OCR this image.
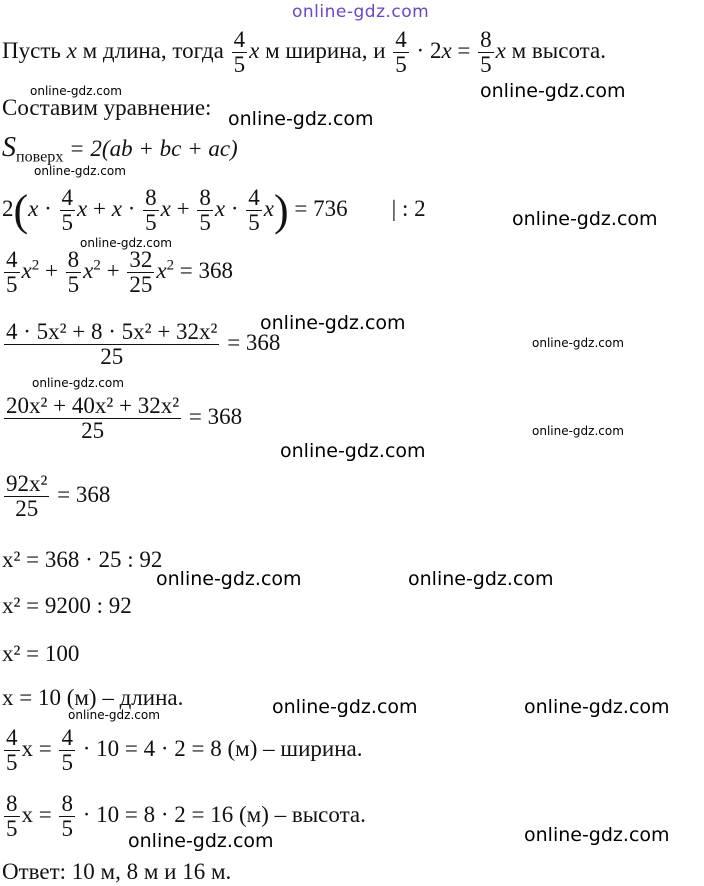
online-gdz.com
online-gdz.com	online-gdz.com
online-gdz.com
online-gdz.com
online-gdz.com
online-gdz.com
online-gdz.com
online-gdz.com
online-gdz.com
online-gdz.com
online-gdz.com
online-gdz.com	online-gdz.com
online-gdz.com	online-gdz.com	online-gdz.com
online-gdz.com	online-gdz.com
Пусть x м длина, тогда $\frac{4}{5}$ x м ширина, и $\frac{4}{5} \cdot 2x = \frac{8}{5}$ x м высота.
Составим уравнение:
$S_{поверх} = 2(ab$ + bc + ac)
$2(x \cdot \frac{4}{5}$ $x + x \cdot \frac{8}{5}$ $x + \frac{8}{5}$ $x \cdot \frac{4}{5} x) = 736$ | : 2
$\frac{4}{5} x^2 + \frac{8}{5} x^2 + \frac{32}{25} x^2 = 368$
$\frac{\text{4 · 5x² + 8 · 5x² + 32x²}}{25} = 368$
$\frac{\text{20x² + 40x² + 32x²}}{25} = 368$
$\frac{\text{92x²}}{25} = 368$
x² = 368 · 25 : 92
x² = 9200 : 92
x² = 100
x = 10 (м) – длина.
$\frac{4}{5}$ $x = \frac{4}{5} \cdot 10 = 4 \cdot 2 = 8$ (м) – ширина.
$\frac{8}{5}$ $x = \frac{8}{5} \cdot 10 = 8 \cdot 2 = 16$ (м) – высота.
Ответ: 10 м, 8 м и 16 м.
